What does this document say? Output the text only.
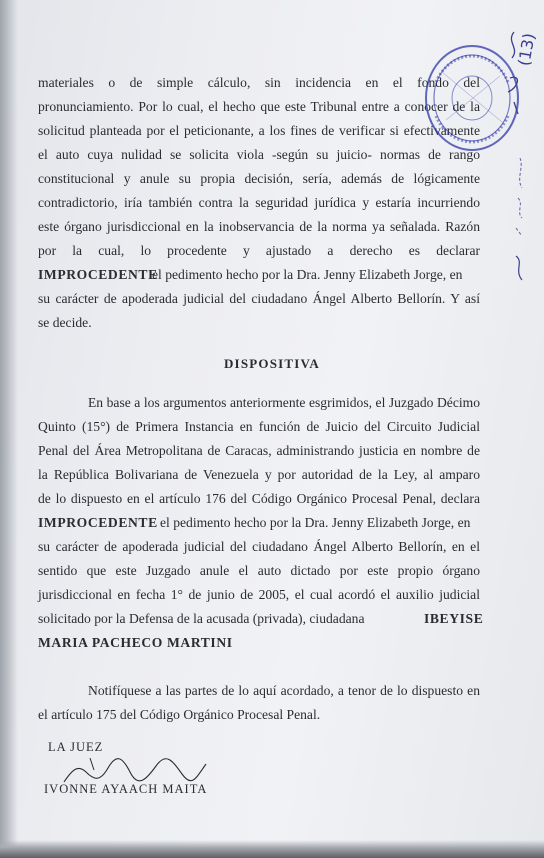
materiales o de simple cálculo, sin incidencia en el fondo del
pronunciamiento. Por lo cual, el hecho que este Tribunal entre a conocer de la
solicitud planteada por el peticionante, a los fines de verificar si efectivamente
el auto cuya nulidad se solicita viola -según su juicio- normas de rango
constitucional y anule su propia decisión, sería, además de lógicamente
contradictorio, iría también contra la seguridad jurídica y estaría incurriendo
este órgano jurisdiccional en la inobservancia de la norma ya señalada. Razón
por la cual, lo procedente y ajustado a derecho es declarar
IMPROCEDENTE
el pedimento hecho por la Dra. Jenny Elizabeth Jorge, en
su carácter de apoderada judicial del ciudadano Ángel Alberto Bellorín. Y así
se decide.
DISPOSITIVA
En base a los argumentos anteriormente esgrimidos, el Juzgado Décimo
Quinto (15°) de Primera Instancia en función de Juicio del Circuito Judicial
Penal del Área Metropolitana de Caracas, administrando justicia en nombre de
la República Bolivariana de Venezuela y por autoridad de la Ley, al amparo
de lo dispuesto en el artículo 176 del Código Orgánico Procesal Penal, declara
IMPROCEDENTE el pedimento hecho por la Dra. Jenny Elizabeth Jorge, en
su carácter de apoderada judicial del ciudadano Ángel Alberto Bellorín, en el
sentido que este Juzgado anule el auto dictado por este propio órgano
jurisdiccional en fecha 1° de junio de 2005, el cual acordó el auxilio judicial
solicitado por la Defensa de la acusada (privada), ciudadana	IBEYISE
MARIA PACHECO MARTINI
Notifíquese a las partes de lo aquí acordado, a tenor de lo dispuesto en
el artículo 175 del Código Orgánico Procesal Penal.
LA JUEZ
IVONNE AYAACH MAITA
(13)
